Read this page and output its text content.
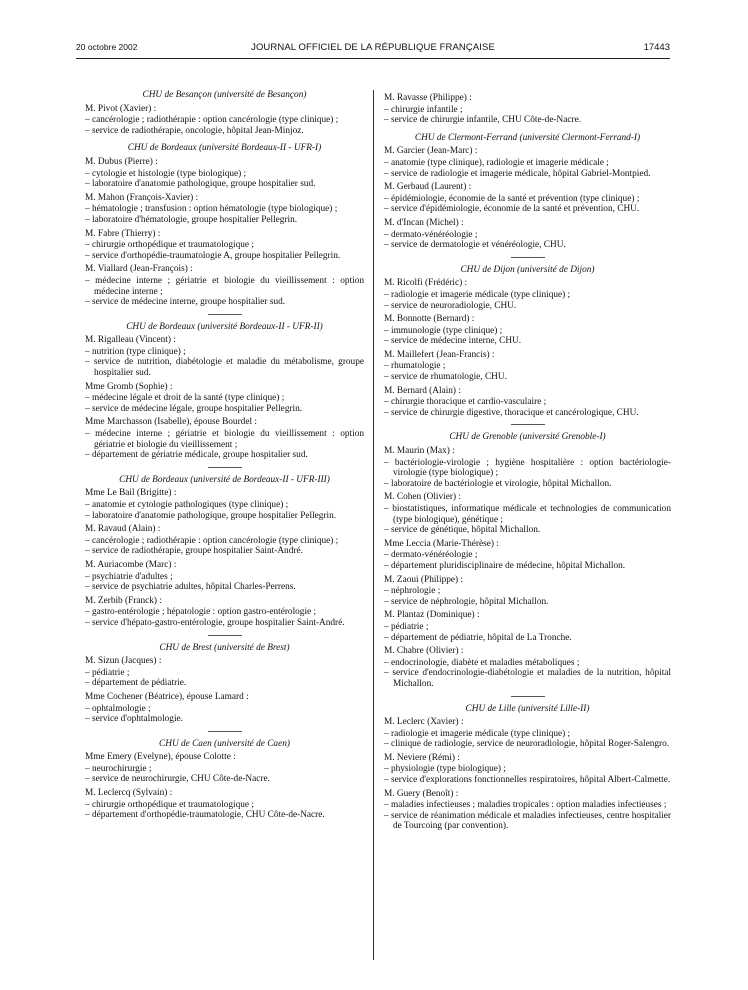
20 octobre 2002	JOURNAL OFFICIEL DE LA RÉPUBLIQUE FRANÇAISE	17443
CHU de Besançon (université de Besançon)
M. Pivot (Xavier) :
– cancérologie ; radiothérapie : option cancérologie (type clinique) ;
– service de radiothérapie, oncologie, hôpital Jean-Minjoz.
CHU de Bordeaux (université Bordeaux-II - UFR-I)
M. Dubus (Pierre) :
– cytologie et histologie (type biologique) ;
– laboratoire d'anatomie pathologique, groupe hospitalier sud.
M. Mahon (François-Xavier) :
– hématologie ; transfusion : option hématologie (type biologique) ;
– laboratoire d'hématologie, groupe hospitalier Pellegrin.
M. Fabre (Thierry) :
– chirurgie orthopédique et traumatologique ;
– service d'orthopédie-traumatologie A, groupe hospitalier Pellegrin.
M. Viallard (Jean-François) :
– médecine interne ; gériatrie et biologie du vieillissement : option médecine interne ;
– service de médecine interne, groupe hospitalier sud.
CHU de Bordeaux (université Bordeaux-II - UFR-II)
M. Rigalleau (Vincent) :
– nutrition (type clinique) ;
– service de nutrition, diabétologie et maladie du métabolisme, groupe hospitalier sud.
Mme Gromb (Sophie) :
– médecine légale et droit de la santé (type clinique) ;
– service de médecine légale, groupe hospitalier Pellegrin.
Mme Marchasson (Isabelle), épouse Bourdel :
– médecine interne ; gériatrie et biologie du vieillissement : option gériatrie et biologie du vieillissement ;
– département de gériatrie médicale, groupe hospitalier sud.
CHU de Bordeaux (université de Bordeaux-II - UFR-III)
Mme Le Bail (Brigitte) :
– anatomie et cytologie pathologiques (type clinique) ;
– laboratoire d'anatomie pathologique, groupe hospitalier Pellegrin.
M. Ravaud (Alain) :
– cancérologie ; radiothérapie : option cancérologie (type clinique) ;
– service de radiothérapie, groupe hospitalier Saint-André.
M. Auriacombe (Marc) :
– psychiatrie d'adultes ;
– service de psychiatrie adultes, hôpital Charles-Perrens.
M. Zerbib (Franck) :
– gastro-entérologie ; hépatologie : option gastro-entérologie ;
– service d'hépato-gastro-entérologie, groupe hospitalier Saint-André.
CHU de Brest (université de Brest)
M. Sizun (Jacques) :
– pédiatrie ;
– département de pédiatrie.
Mme Cochener (Béatrice), épouse Lamard :
– ophtalmologie ;
– service d'ophtalmologie.
CHU de Caen (université de Caen)
Mme Emery (Evelyne), épouse Colotte :
– neurochirurgie ;
– service de neurochirurgie, CHU Côte-de-Nacre.
M. Leclercq (Sylvain) :
– chirurgie orthopédique et traumatologique ;
– département d'orthopédie-traumatologie, CHU Côte-de-Nacre.
M. Ravasse (Philippe) :
– chirurgie infantile ;
– service de chirurgie infantile, CHU Côte-de-Nacre.
CHU de Clermont-Ferrand (université Clermont-Ferrand-I)
M. Garcier (Jean-Marc) :
– anatomie (type clinique), radiologie et imagerie médicale ;
– service de radiologie et imagerie médicale, hôpital Gabriel-Montpied.
M. Gerbaud (Laurent) :
– épidémiologie, économie de la santé et prévention (type clinique) ;
– service d'épidémiologie, économie de la santé et prévention, CHU.
M. d'Incan (Michel) :
– dermato-vénéréologie ;
– service de dermatologie et vénéréologie, CHU.
CHU de Dijon (université de Dijon)
M. Ricolfi (Frédéric) :
– radiologie et imagerie médicale (type clinique) ;
– service de neuroradiologie, CHU.
M. Bonnotte (Bernard) :
– immunologie (type clinique) ;
– service de médecine interne, CHU.
M. Maillefert (Jean-Francis) :
– rhumatologie ;
– service de rhumatologie, CHU.
M. Bernard (Alain) :
– chirurgie thoracique et cardio-vasculaire ;
– service de chirurgie digestive, thoracique et cancérologique, CHU.
CHU de Grenoble (université Grenoble-I)
M. Maurin (Max) :
– bactériologie-virologie ; hygiène hospitalière : option bactériologie-virologie (type biologique) ;
– laboratoire de bactériologie et virologie, hôpital Michallon.
M. Cohen (Olivier) :
– biostatistiques, informatique médicale et technologies de communication (type biologique), génétique ;
– service de génétique, hôpital Michallon.
Mme Leccia (Marie-Thérèse) :
– dermato-vénéréologie ;
– département pluridisciplinaire de médecine, hôpital Michallon.
M. Zaoui (Philippe) :
– néphrologie ;
– service de néphrologie, hôpital Michallon.
M. Plantaz (Dominique) :
– pédiatrie ;
– département de pédiatrie, hôpital de La Tronche.
M. Chabre (Olivier) :
– endocrinologie, diabète et maladies métaboliques ;
– service d'endocrinologie-diabétologie et maladies de la nutrition, hôpital Michallon.
CHU de Lille (université Lille-II)
M. Leclerc (Xavier) :
– radiologie et imagerie médicale (type clinique) ;
– clinique de radiologie, service de neuroradiologie, hôpital Roger-Salengro.
M. Neviere (Rémi) :
– physiologie (type biologique) ;
– service d'explorations fonctionnelles respiratoires, hôpital Albert-Calmette.
M. Guery (Benoît) :
– maladies infectieuses ; maladies tropicales : option maladies infectieuses ;
– service de réanimation médicale et maladies infectieuses, centre hospitalier de Tourcoing (par convention).
